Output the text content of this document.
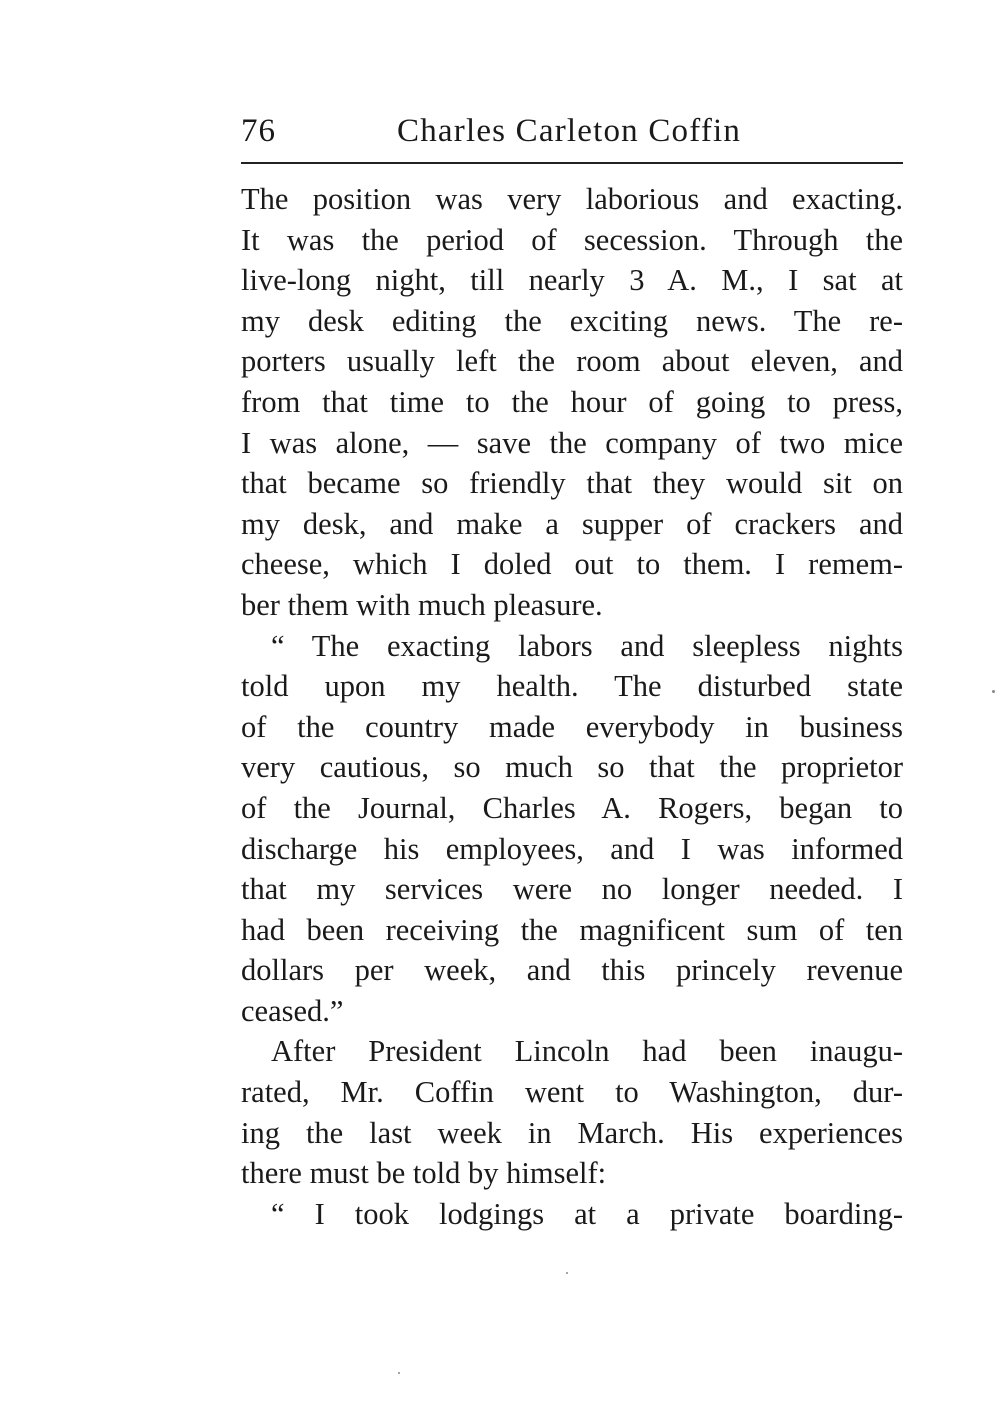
76	Charles Carleton Coffin
The position was very laborious and exacting.
It was the period of secession. Through the
live-long night, till nearly 3 A. M., I sat at
my desk editing the exciting news. The re-
porters usually left the room about eleven, and
from that time to the hour of going to press,
I was alone, — save the company of two mice
that became so friendly that they would sit on
my desk, and make a supper of crackers and
cheese, which I doled out to them. I remem-
ber them with much pleasure.
“ The exacting labors and sleepless nights
told upon my health. The disturbed state
of the country made everybody in business
very cautious, so much so that the proprietor
of the Journal, Charles A. Rogers, began to
discharge his employees, and I was informed
that my services were no longer needed. I
had been receiving the magnificent sum of ten
dollars per week, and this princely revenue
ceased.”
After President Lincoln had been inaugu-
rated, Mr. Coffin went to Washington, dur-
ing the last week in March. His experiences
there must be told by himself:
“ I took lodgings at a private boarding-
